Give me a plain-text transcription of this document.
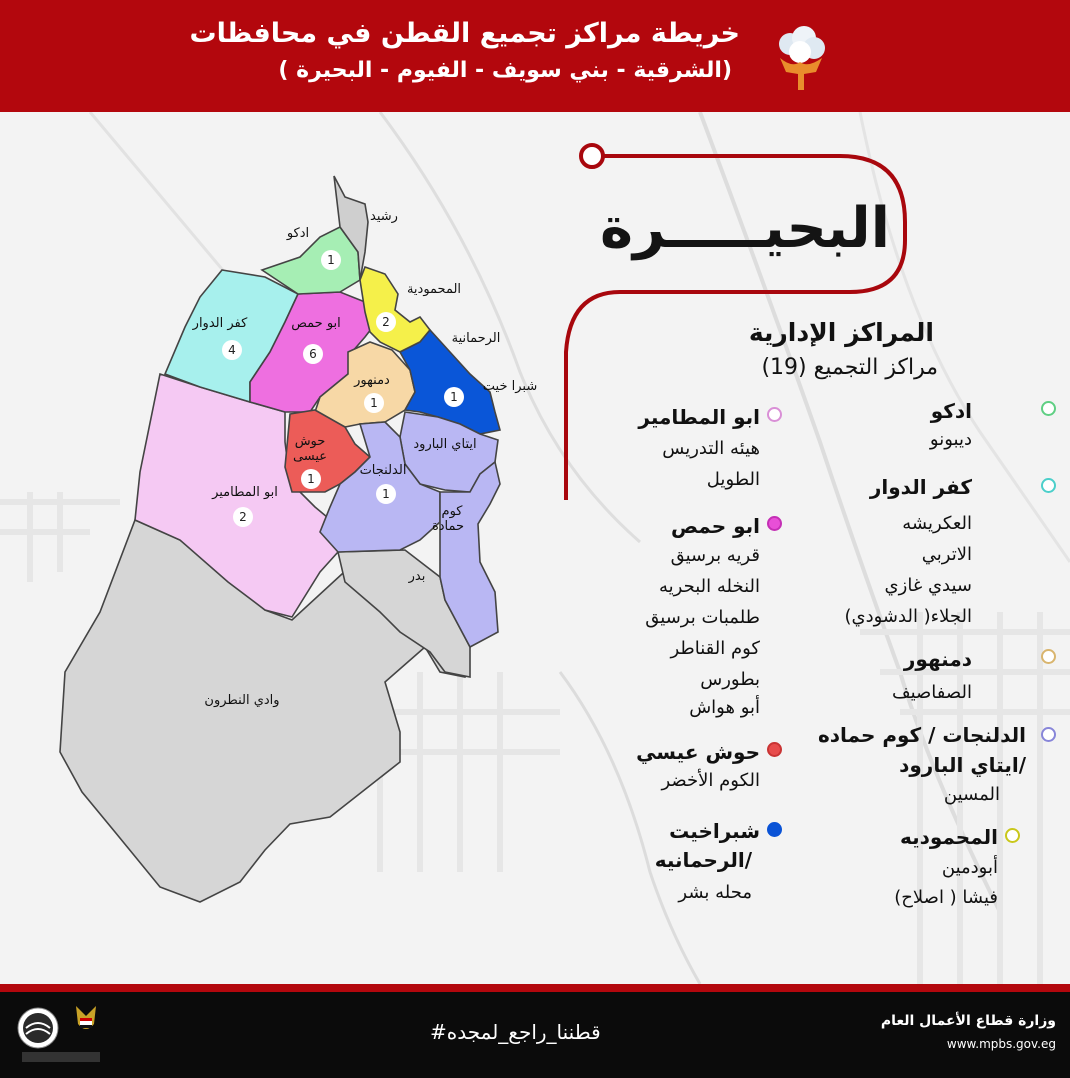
خريطة مراكز تجميع القطن في محافظات
( الشرقية - بني سويف - الفيوم - البحيرة)
رشيد
ادكو
المحمودية
الرحمانية
كفر الدوار	ابو حمص
دمنهور	شبرا خيت
ايتاي البارود
حوش
عيسى
الدلنجات
كوم
حمادة
ابو المطامير
بدر
وادي النطرون
1
2
4	6
1	1
1
1
2
البحيـــــرة
المراكز الإدارية
مراكز التجميع (19)
ادكو
ديبونو
كفر الدوار
العكريشه
الاتربي
سيدي غازي
الجلاء( الدشودي)
دمنهور
الصفاصيف
الدلنجات / كوم حماده
/ايتاي البارود
المسين
المحموديه
أبودمين
فيشا ( اصلاح)
ابو المطامير
هيئه التدريس
الطويل
ابو حمص
قريه برسيق
النخله البحريه
طلمبات برسيق
كوم القناطر
بطورس
أبو هواش
حوش عيسي
الكوم الأخضر
شبراخيت
/الرحمانيه
محله بشر
#قطننا_راجع_لمجده	وزارة قطاع الأعمال العام
www.mpbs.gov.eg
